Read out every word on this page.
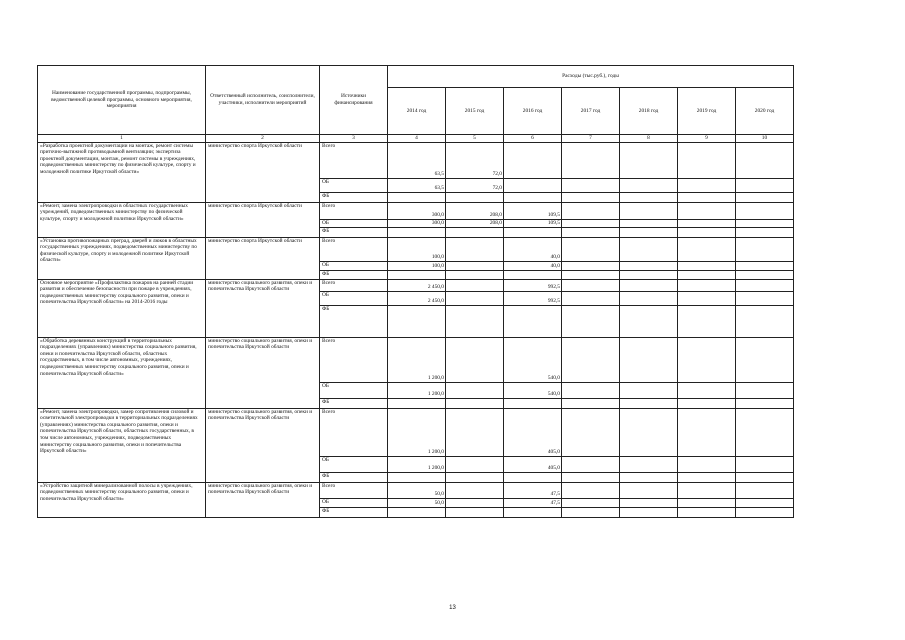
Наименование государственной программы, подпрограммы, ведомственной целевой программы, основного мероприятия, мероприятия	Ответственный исполнитель, соисполнители, участники, исполнители мероприятий	Источники финансирования	Расходы (тыс.руб.), годы						
			2014 год	2015 год	2016 год	2017 год	2018 год	2019 год	2020 год
1	2	3	4	5	6	7	8	9	10
«Разработка проектной документации на монтаж, ремонт системы приточно-вытяжной противодымной вентиляции; экспертиза проектной документации, монтаж, ремонт системы в учреждениях, подведомственных министерству по физической культуре, спорту и молодежной политике Иркутской области»	министерство спорта Иркутской области	Всего	63,5	72,0					
		ОБ	63,5	72,0					
		ФБ							
«Ремонт, замена электропроводки в областных государственных учреждений, подведомственных министерству по физической культуре, спорту и молодежной политики Иркутской области»	министерство спорта Иркутской области	Всего	300,0	208,0	109,5				
		ОБ	300,0	208,0	109,5				
		ФБ							
«Установка противопожарных преград, дверей и люков в областных государственных учреждениях, подведомственных министерству по физической культуре, спорту и молодежной политике Иркутской области»	министерство спорта Иркутской области	Всего	100,0		40,0				
		ОБ	100,0		40,0				
		ФБ							
Основное мероприятие «Профилактика пожаров на ранней стадии развития и обеспечение безопасности при пожаре в учреждениях, подведомственных министерству социального развития, опеки и попечительства Иркутской области» на 2014-2016 годы	министерство социального развития, опеки и попечительства Иркутской области	Всего	2 450,0		992,5				
		ОБ	2 450,0		992,5				
		ФБ							
«Обработка деревянных конструкций в территориальных подразделениях (управлениях) министерства социального развития, опеки и попечительства Иркутской области, областных государственных, в том числе автономных, учреждениях, подведомственных министерству социального развития, опеки и попечительства Иркутской области»	министерство социального развития, опеки и попечительства Иркутской области	Всего	1 200,0		540,0				
		ОБ	1 200,0		540,0				
		ФБ							
«Ремонт, замена электропроводки, замер сопротивления силовой и осветительной электропроводки в территориальных подразделениях (управлениях) министерства социального развития, опеки и попечительства Иркутской области, областных государственных, в том числе автономных, учреждениях, подведомственных министерству социального развития, опеки и попечительства Иркутской области»	министерство социального развития, опеки и попечительства Иркутской области	Всего	1 200,0		405,0				
		ОБ	1 200,0		405,0				
		ФБ							
«Устройство защитной минерализованной полосы в учреждениях, подведомственных министерству социального развития, опеки и попечительства Иркутской области»	министерство социального развития, опеки и попечительства Иркутской области	Всего	50,0		47,5				
		ОБ	50,0		47,5				
		ФБ							
13
